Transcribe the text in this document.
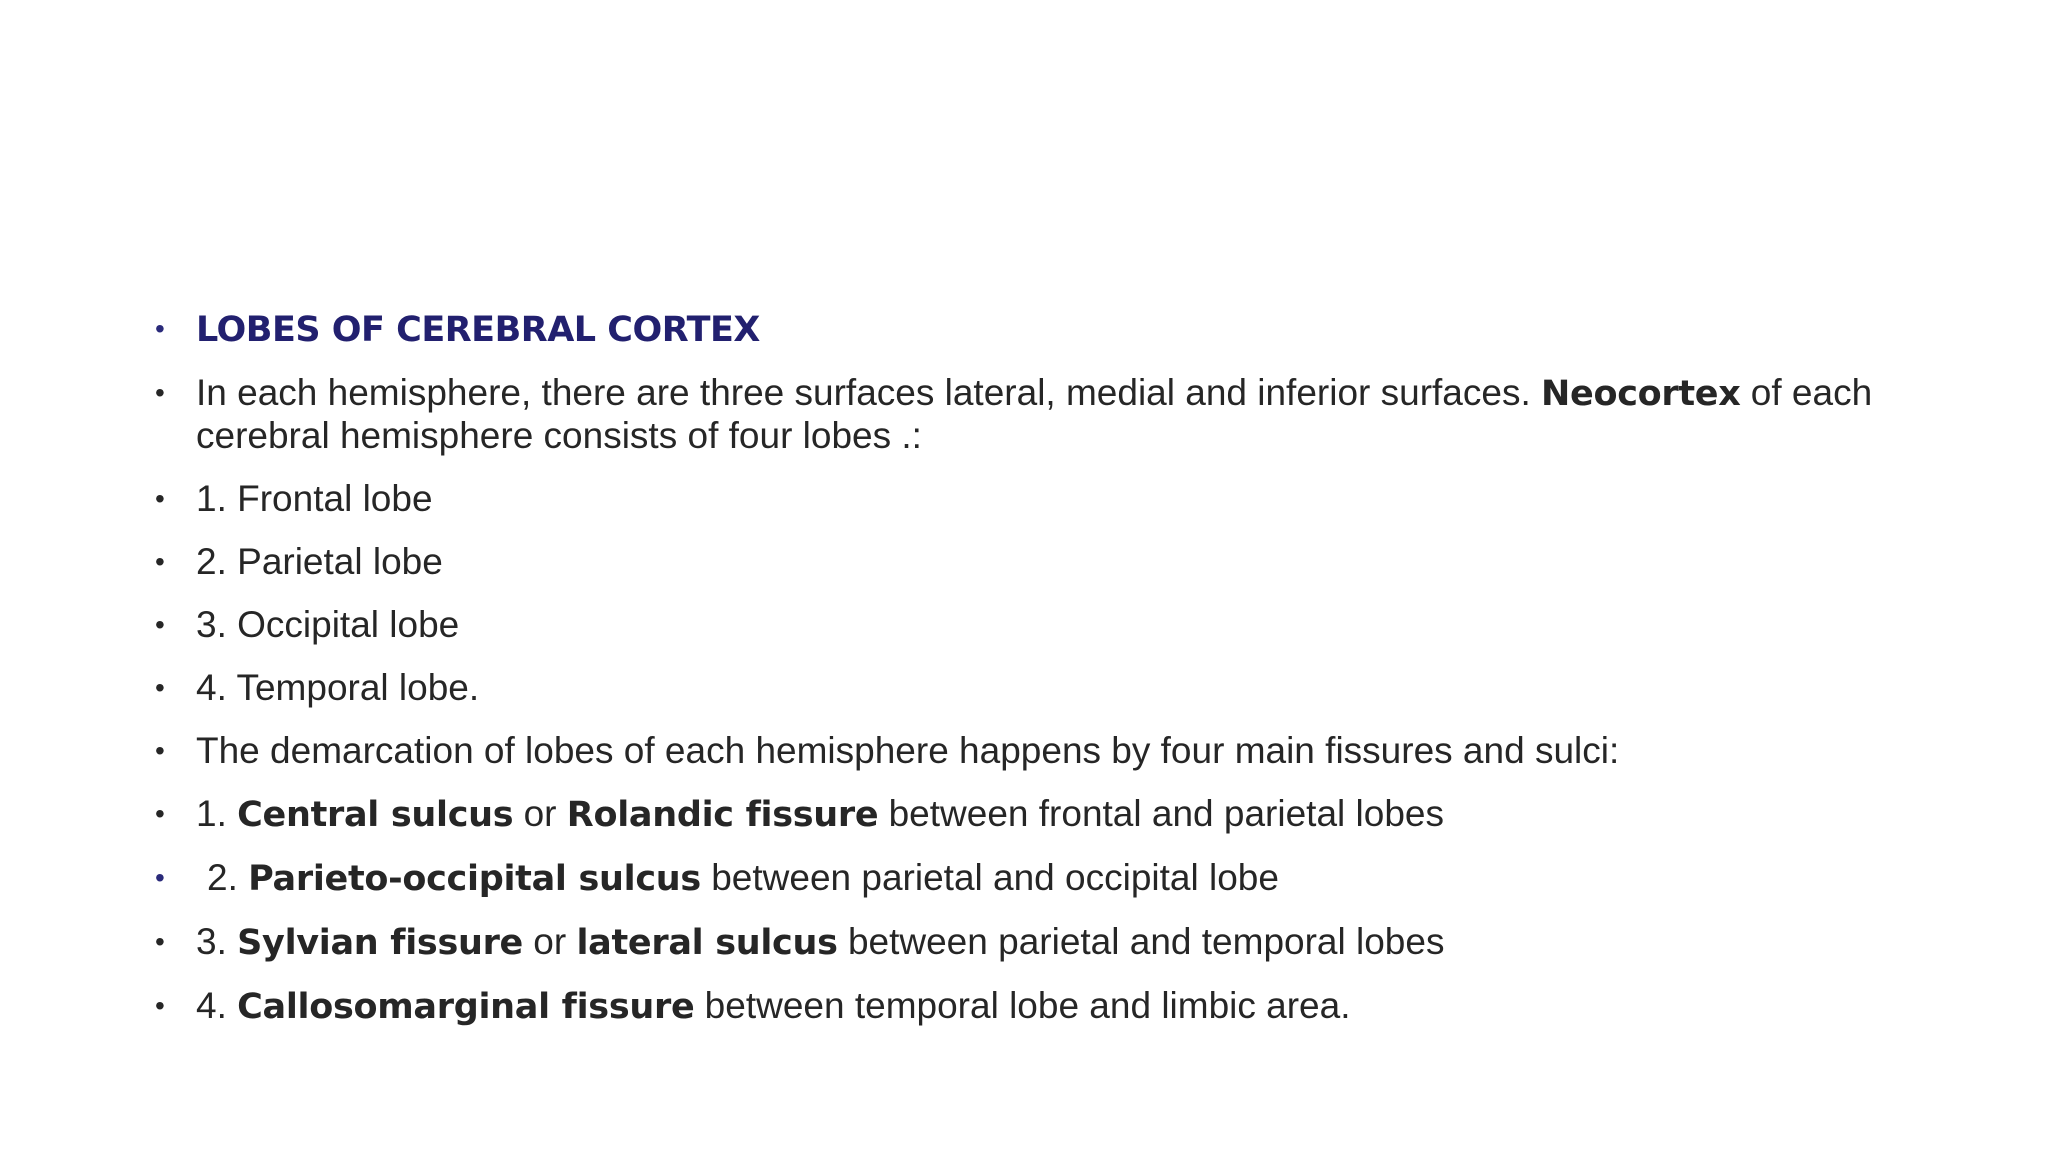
• LOBES OF CEREBRAL CORTEX
• In each hemisphere, there are three surfaces lateral, medial and inferior surfaces. Neocortex of each cerebral hemisphere consists of four lobes .:
• 1. Frontal lobe
• 2. Parietal lobe
• 3. Occipital lobe
• 4. Temporal lobe.
• The demarcation of lobes of each hemisphere happens by four main fissures and sulci:
• 1. Central sulcus or Rolandic fissure between frontal and parietal lobes
• 2. Parieto-occipital sulcus between parietal and occipital lobe
• 3. Sylvian fissure or lateral sulcus between parietal and temporal lobes
• 4. Callosomarginal fissure between temporal lobe and limbic area.
